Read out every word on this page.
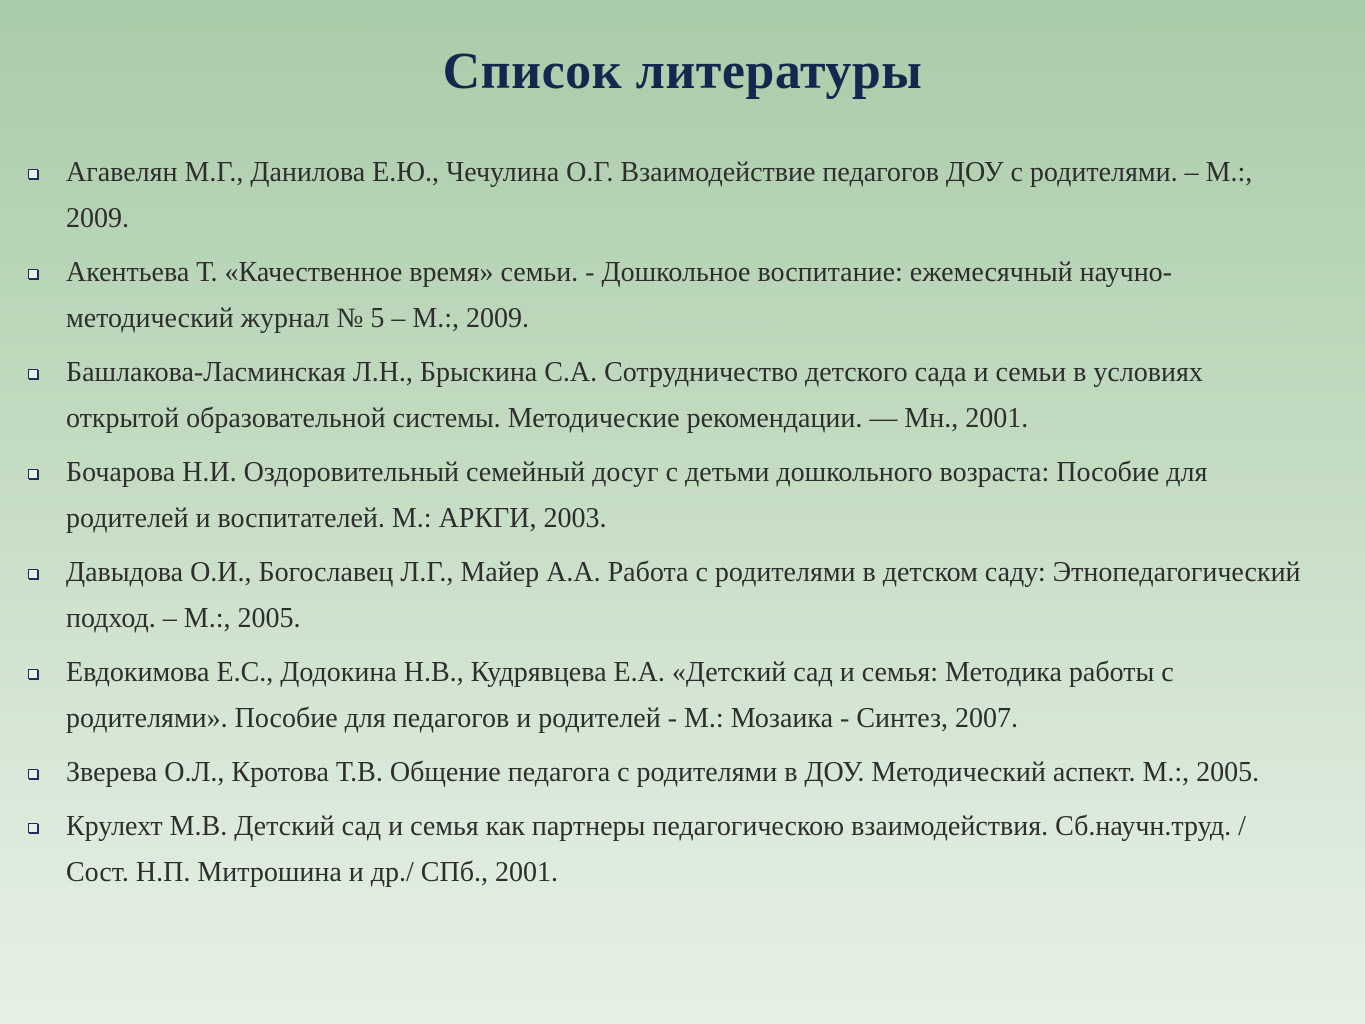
Список литературы
Агавелян М.Г., Данилова Е.Ю., Чечулина О.Г. Взаимодействие педагогов ДОУ с родителями. – М.:, 2009.
Акентьева Т. «Качественное время» семьи. - Дошкольное воспитание: ежемесячный научно-методический журнал № 5 – М.:, 2009.
Башлакова-Ласминская Л.Н., Брыскина С.А. Сотрудничество детского сада и семьи в условиях открытой образовательной системы. Методические рекомендации. — Мн., 2001.
Бочарова Н.И. Оздоровительный семейный досуг с детьми дошкольного возраста: Пособие для родителей и воспитателей. М.: АРКГИ, 2003.
Давыдова О.И., Богославец Л.Г., Майер А.А. Работа с родителями в детском саду: Этнопедагогический подход. – М.:, 2005.
Евдокимова Е.С., Додокина Н.В., Кудрявцева Е.А. «Детский сад и семья: Методика работы с родителями». Пособие для педагогов и родителей - М.: Мозаика - Синтез, 2007.
Зверева О.Л., Кротова Т.В. Общение педагога с родителями в ДОУ. Методический аспект. М.:, 2005.
Крулехт М.В. Детский сад и семья как партнеры педагогическою взаимодействия. Сб.научн.труд. / Сост. Н.П. Митрошина и др./ СПб., 2001.
